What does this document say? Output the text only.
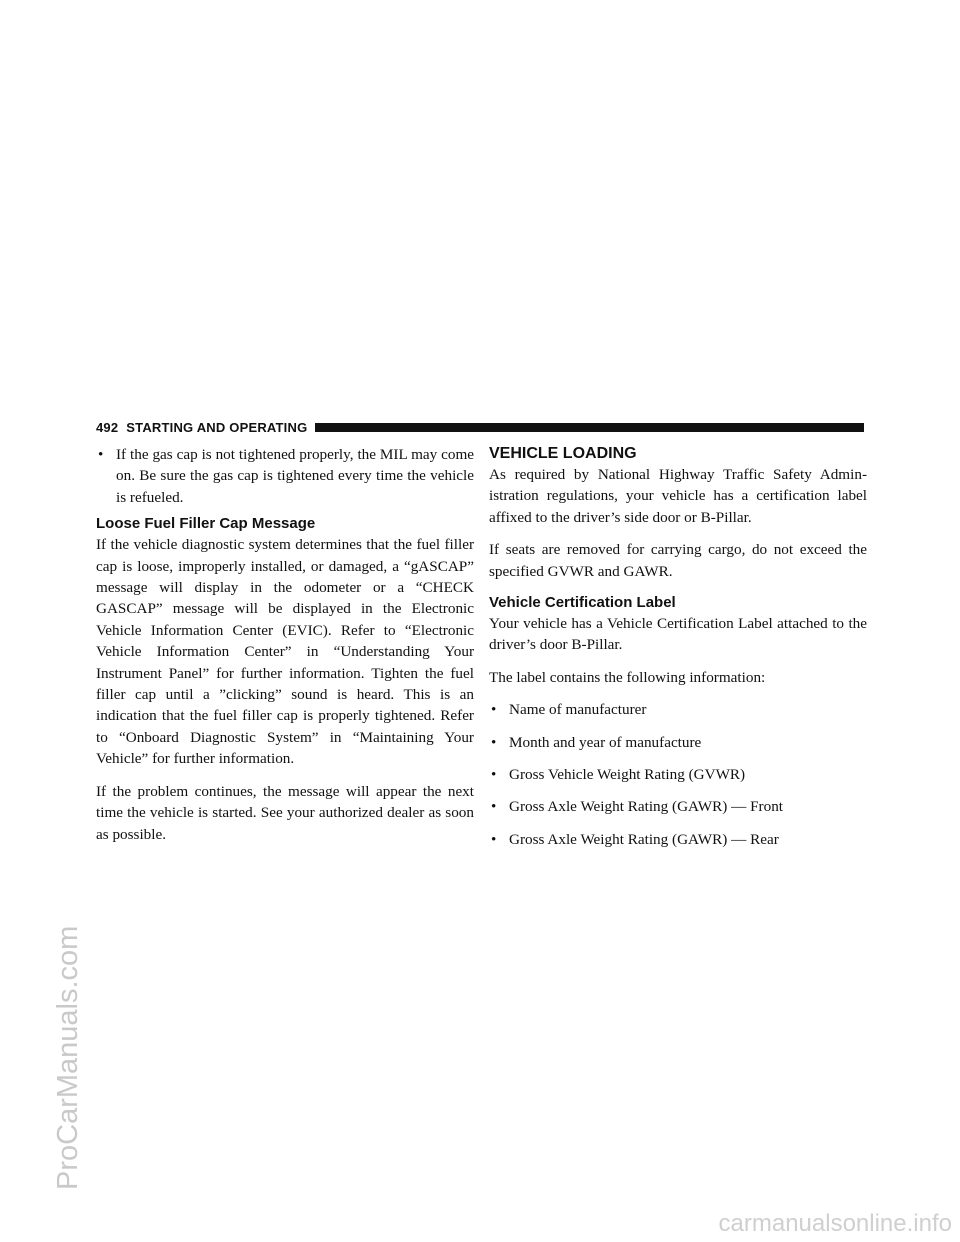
ProCarManuals.com
carmanualsonline.info
492 STARTING AND OPERATING
• If the gas cap is not tightened properly, the MIL may come on. Be sure the gas cap is tightened every time the vehicle is refueled.
Loose Fuel Filler Cap Message

If the vehicle diagnostic system determines that the fuel filler cap is loose, improperly installed, or damaged, a “gASCAP” message will display in the odometer or a “CHECK GASCAP” message will be displayed in the Electronic Vehicle Information Center (EVIC). Refer to “Electronic Vehicle Information Center” in “Understanding Your Instrument Panel” for further information. Tighten the fuel filler cap until a ”clicking” sound is heard. This is an indication that the fuel filler cap is properly tightened. Refer to “Onboard Diagnostic System” in “Maintaining Your Vehicle” for further information.

If the problem continues, the message will appear the next time the vehicle is started. See your authorized dealer as soon as possible.

VEHICLE LOADING

As required by National Highway Traffic Safety Administration regulations, your vehicle has a certification label affixed to the driver’s side door or B-Pillar.

If seats are removed for carrying cargo, do not exceed the specified GVWR and GAWR.

Vehicle Certification Label

Your vehicle has a Vehicle Certification Label attached to the driver’s door B-Pillar.

The label contains the following information:

• Name of manufacturer
• Month and year of manufacture
• Gross Vehicle Weight Rating (GVWR)
• Gross Axle Weight Rating (GAWR) — Front
• Gross Axle Weight Rating (GAWR) — Rear
